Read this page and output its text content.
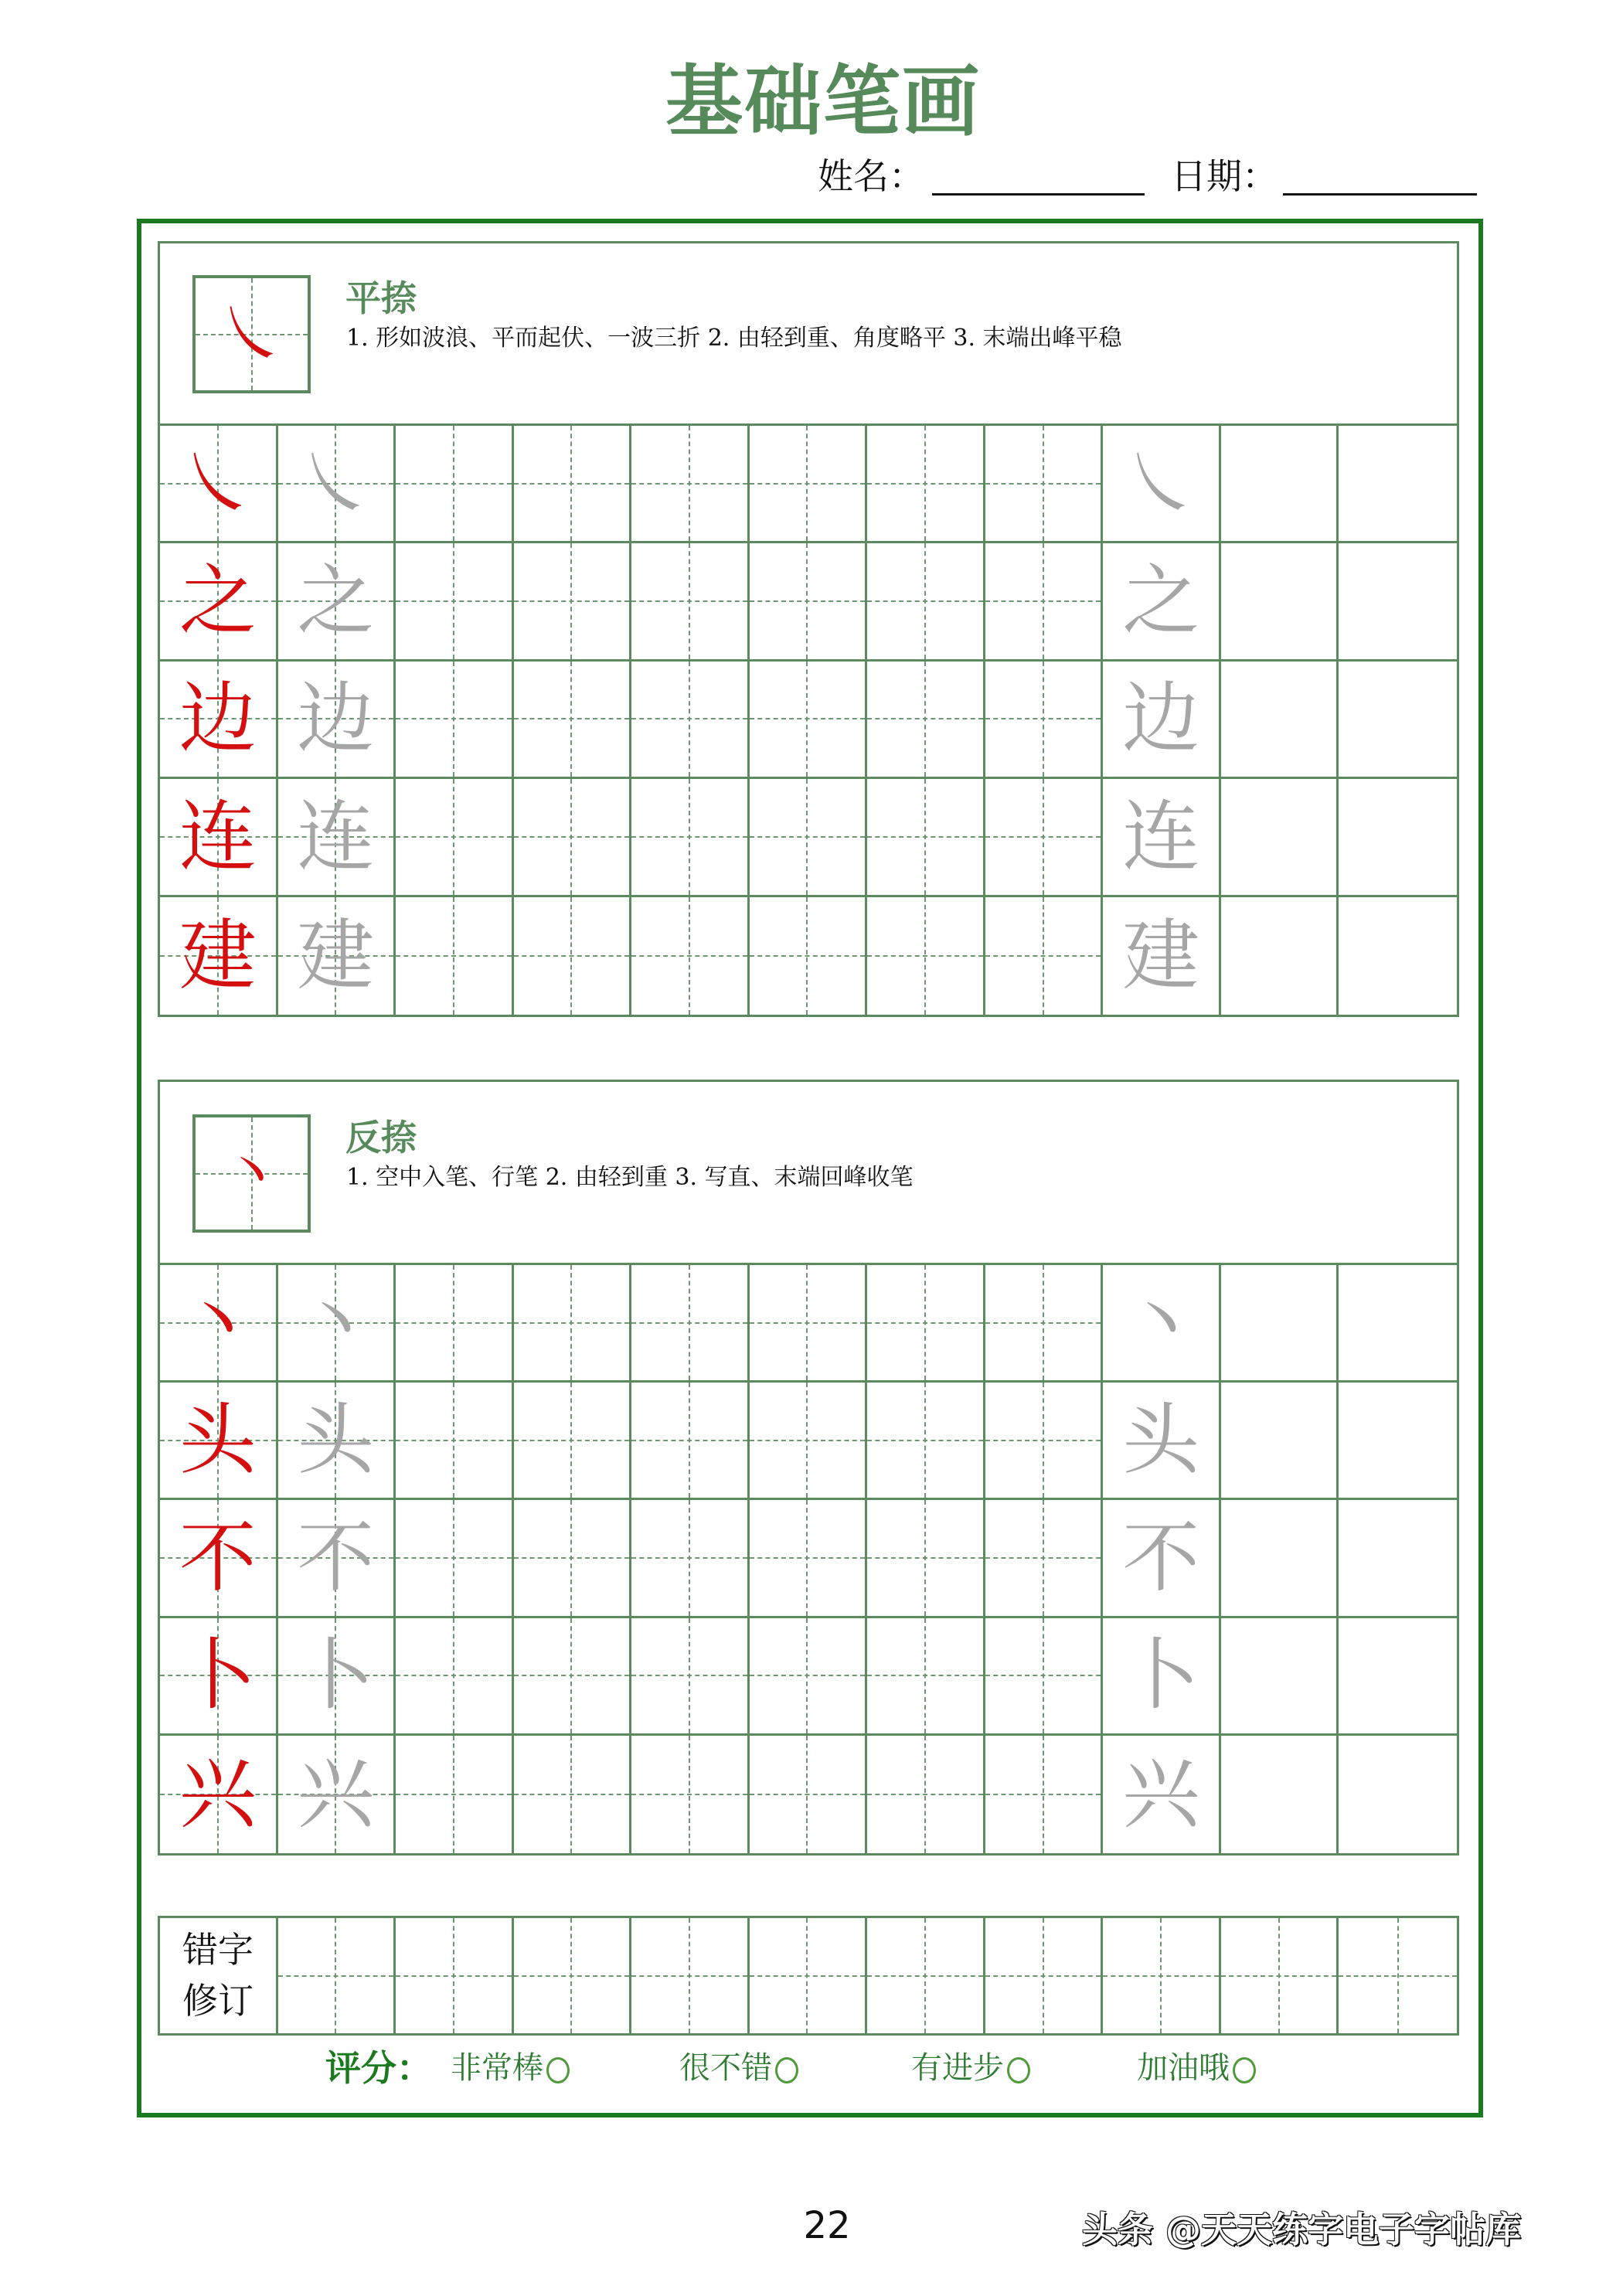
基础笔画
姓名：	日期：
㇏	平捺
1. 形如波浪、平而起伏、一波三折 2. 由轻到重、角度略平 3. 末端出峰平稳
㇏ ㇏	㇏
之 之	之
边 边	边
连 连	连
建 建	建
丶	反捺
1. 空中入笔、行笔 2. 由轻到重 3. 写直、末端回峰收笔
丶 丶	丶
头 头	头
不 不	不
卜 卜	卜
兴 兴	兴
错字
修订
评分： 非常棒	很不错	有进步	加油哦
22	头条 @天天练字电子字帖库
